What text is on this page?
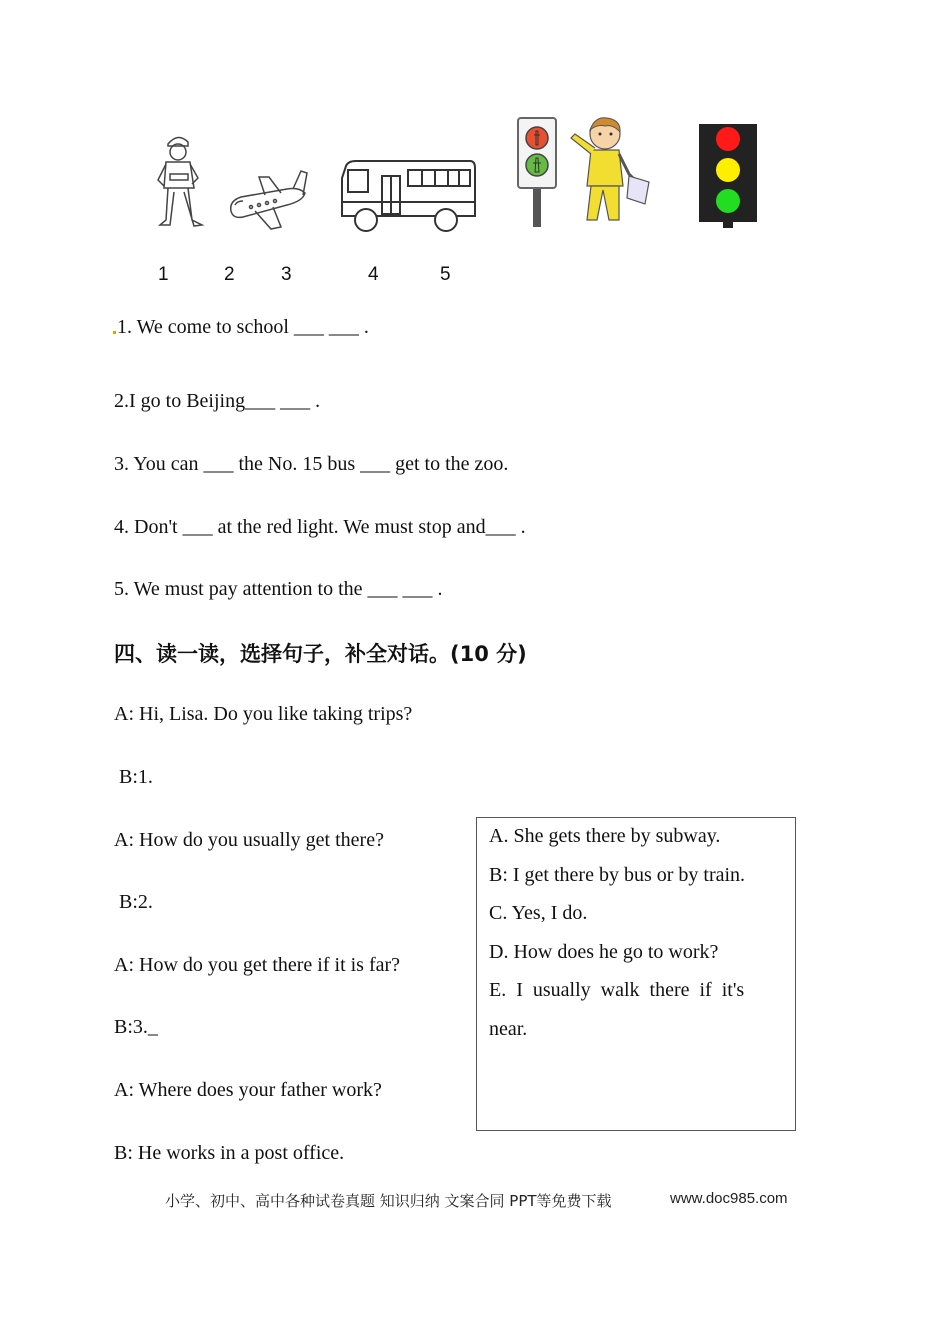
1	2 3	4	5
1. We come to school ___ ___ .
2.I go to Beijing___ ___ .
3. You can ___ the No. 15 bus ___ get to the zoo.
4. Don't ___ at the red light. We must stop and___ .
5. We must pay attention to the ___ ___ .
四、读一读，选择句子，补全对话。(10 分)
A: Hi, Lisa. Do you like taking trips?
B:1.
A: How do you usually get there?
B:2.
A: How do you get there if it is far?
B:3._
A: Where does your father work?
B: He works in a post office.
A. She gets there by subway.
B: I get there by bus or by train.
C. Yes, I do.
D. How does he go to work?
E.  I  usually  walk  there  if  it's
near.
小学、初中、高中各种试卷真题 知识归纳 文案合同 PPT等免费下载	www.doc985.com
